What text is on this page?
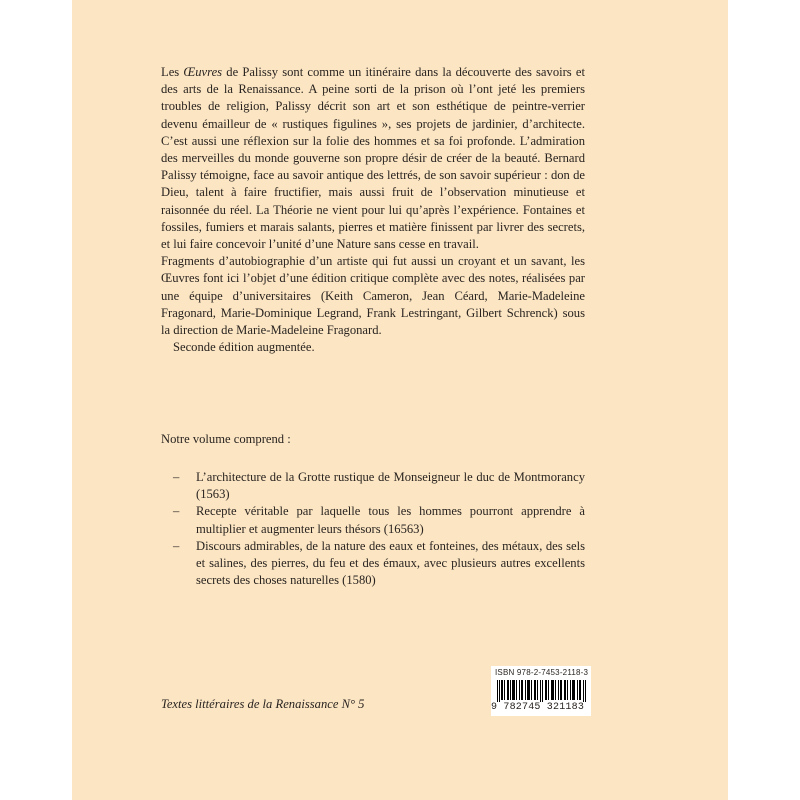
Les Œuvres de Palissy sont comme un itinéraire dans la découverte des savoirs et des arts de la Renaissance. A peine sorti de la prison où l’ont jeté les premiers troubles de religion, Palissy décrit son art et son esthétique de peintre-verrier devenu émailleur de « rustiques figulines », ses projets de jardinier, d’architecte. C’est aussi une réflexion sur la folie des hommes et sa foi profonde. L’admiration des merveilles du monde gouverne son propre désir de créer de la beauté. Bernard Palissy témoigne, face au savoir antique des lettrés, de son savoir supérieur : don de Dieu, talent à faire fructifier, mais aussi fruit de l’observation minutieuse et raisonnée du réel. La Théorie ne vient pour lui qu’après l’expérience. Fontaines et fossiles, fumiers et marais salants, pierres et matière finissent par livrer des secrets, et lui faire concevoir l’unité d’une Nature sans cesse en travail.

Fragments d’autobiographie d’un artiste qui fut aussi un croyant et un savant, les Œuvres font ici l’objet d’une édition critique complète avec des notes, réalisées par une équipe d’universitaires (Keith Cameron, Jean Céard, Marie-Madeleine Fragonard, Marie-Dominique Legrand, Frank Lestringant, Gilbert Schrenck) sous la direction de Marie-Madeleine Fragonard.

Seconde édition augmentée.

Notre volume comprend :
– L’architecture de la Grotte rustique de Monseigneur le duc de Montmorancy (1563)
– Recepte véritable par laquelle tous les hommes pourront apprendre à multiplier et augmenter leurs thésors (16563)
– Discours admirables, de la nature des eaux et fonteines, des métaux, des sels et salines, des pierres, du feu et des émaux, avec plusieurs autres excellents secrets des choses naturelles (1580)
Textes littéraires de la Renaissance N° 5
ISBN 978-2-7453-2118-3
9 782745 321183
